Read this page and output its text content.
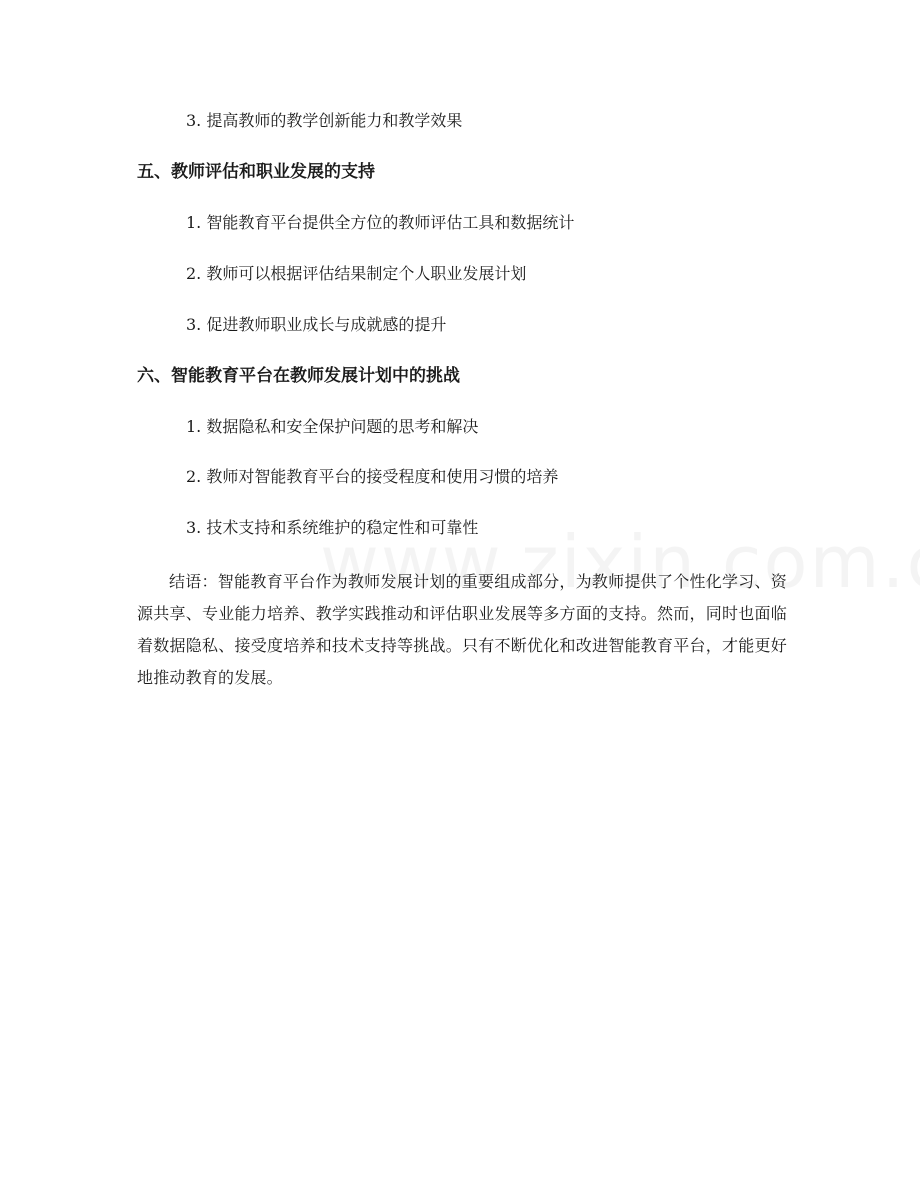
3. 提高教师的教学创新能力和教学效果
五、教师评估和职业发展的支持
1. 智能教育平台提供全方位的教师评估工具和数据统计
2. 教师可以根据评估结果制定个人职业发展计划
3. 促进教师职业成长与成就感的提升
六、智能教育平台在教师发展计划中的挑战
1. 数据隐私和安全保护问题的思考和解决
2. 教师对智能教育平台的接受程度和使用习惯的培养
3. 技术支持和系统维护的稳定性和可靠性
结语：智能教育平台作为教师发展计划的重要组成部分，为教师提供了个性化学习、资源共享、专业能力培养、教学实践推动和评估职业发展等多方面的支持。然而，同时也面临着数据隐私、接受度培养和技术支持等挑战。只有不断优化和改进智能教育平台，才能更好地推动教育的发展。
